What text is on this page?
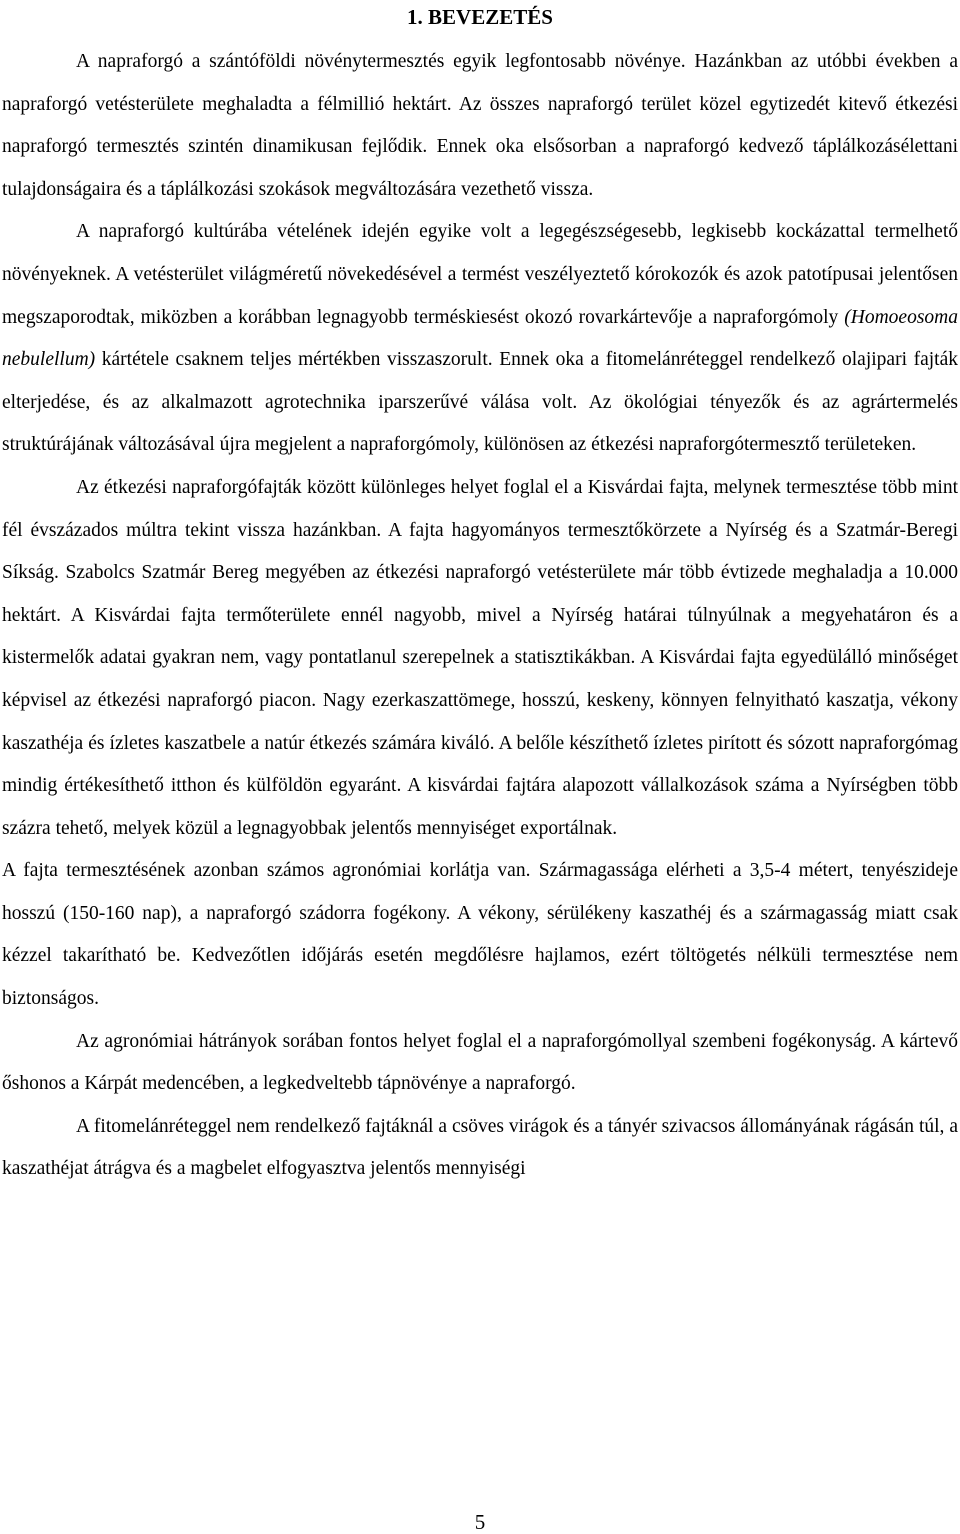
1. BEVEZETÉS

A napraforgó a szántóföldi növénytermesztés egyik legfontosabb növénye. Hazánkban az utóbbi években a napraforgó vetésterülete meghaladta a félmillió hektárt. Az összes napraforgó terület közel egytizedét kitevő étkezési napraforgó termesztés szintén dinamikusan fejlődik. Ennek oka elsősorban a napraforgó kedvező táplálkozásélettani tulajdonságaira és a táplálkozási szokások megváltozására vezethető vissza.

A napraforgó kultúrába vételének idején egyike volt a legegészségesebb, legkisebb kockázattal termelhető növényeknek. A vetésterület világméretű növekedésével a termést veszélyeztető kórokozók és azok patotípusai jelentősen megszaporodtak, miközben a korábban legnagyobb terméskiesést okozó rovarkártevője a napraforgómoly (Homoeosoma nebulellum) kártétele csaknem teljes mértékben visszaszorult. Ennek oka a fitomelánréteggel rendelkező olajipari fajták elterjedése, és az alkalmazott agrotechnika iparszerűvé válása volt. Az ökológiai tényezők és az agrártermelés struktúrájának változásával újra megjelent a napraforgómoly, különösen az étkezési napraforgótermesztő területeken.

Az étkezési napraforgófajták között különleges helyet foglal el a Kisvárdai fajta, melynek termesztése több mint fél évszázados múltra tekint vissza hazánkban. A fajta hagyományos termesztőkörzete a Nyírség és a Szatmár-Beregi Síkság. Szabolcs Szatmár Bereg megyében az étkezési napraforgó vetésterülete már több évtizede meghaladja a 10.000 hektárt. A Kisvárdai fajta termőterülete ennél nagyobb, mivel a Nyírség határai túlnyúlnak a megyehatáron és a kistermelők adatai gyakran nem, vagy pontatlanul szerepelnek a statisztikákban. A Kisvárdai fajta egyedülálló minőséget képvisel az étkezési napraforgó piacon. Nagy ezerkaszattömege, hosszú, keskeny, könnyen felnyitható kaszatja, vékony kaszathéja és ízletes kaszatbele a natúr étkezés számára kiváló. A belőle készíthető ízletes pirított és sózott napraforgómag mindig értékesíthető itthon és külföldön egyaránt. A kisvárdai fajtára alapozott vállalkozások száma a Nyírségben több százra tehető, melyek közül a legnagyobbak jelentős mennyiséget exportálnak.

A fajta termesztésének azonban számos agronómiai korlátja van. Szármagassága elérheti a 3,5-4 métert, tenyészideje hosszú (150-160 nap), a napraforgó szádorra fogékony. A vékony, sérülékeny kaszathéj és a szármagasság miatt csak kézzel takarítható be. Kedvezőtlen időjárás esetén megdőlésre hajlamos, ezért töltögetés nélküli termesztése nem biztonságos.

Az agronómiai hátrányok sorában fontos helyet foglal el a napraforgómollyal szembeni fogékonyság. A kártevő őshonos a Kárpát medencében, a legkedveltebb tápnövénye a napraforgó.

A fitomelánréteggel nem rendelkező fajtáknál a csöves virágok és a tányér szivacsos állományának rágásán túl, a kaszathéjat átrágva és a magbelet elfogyasztva jelentős mennyiségi

5
